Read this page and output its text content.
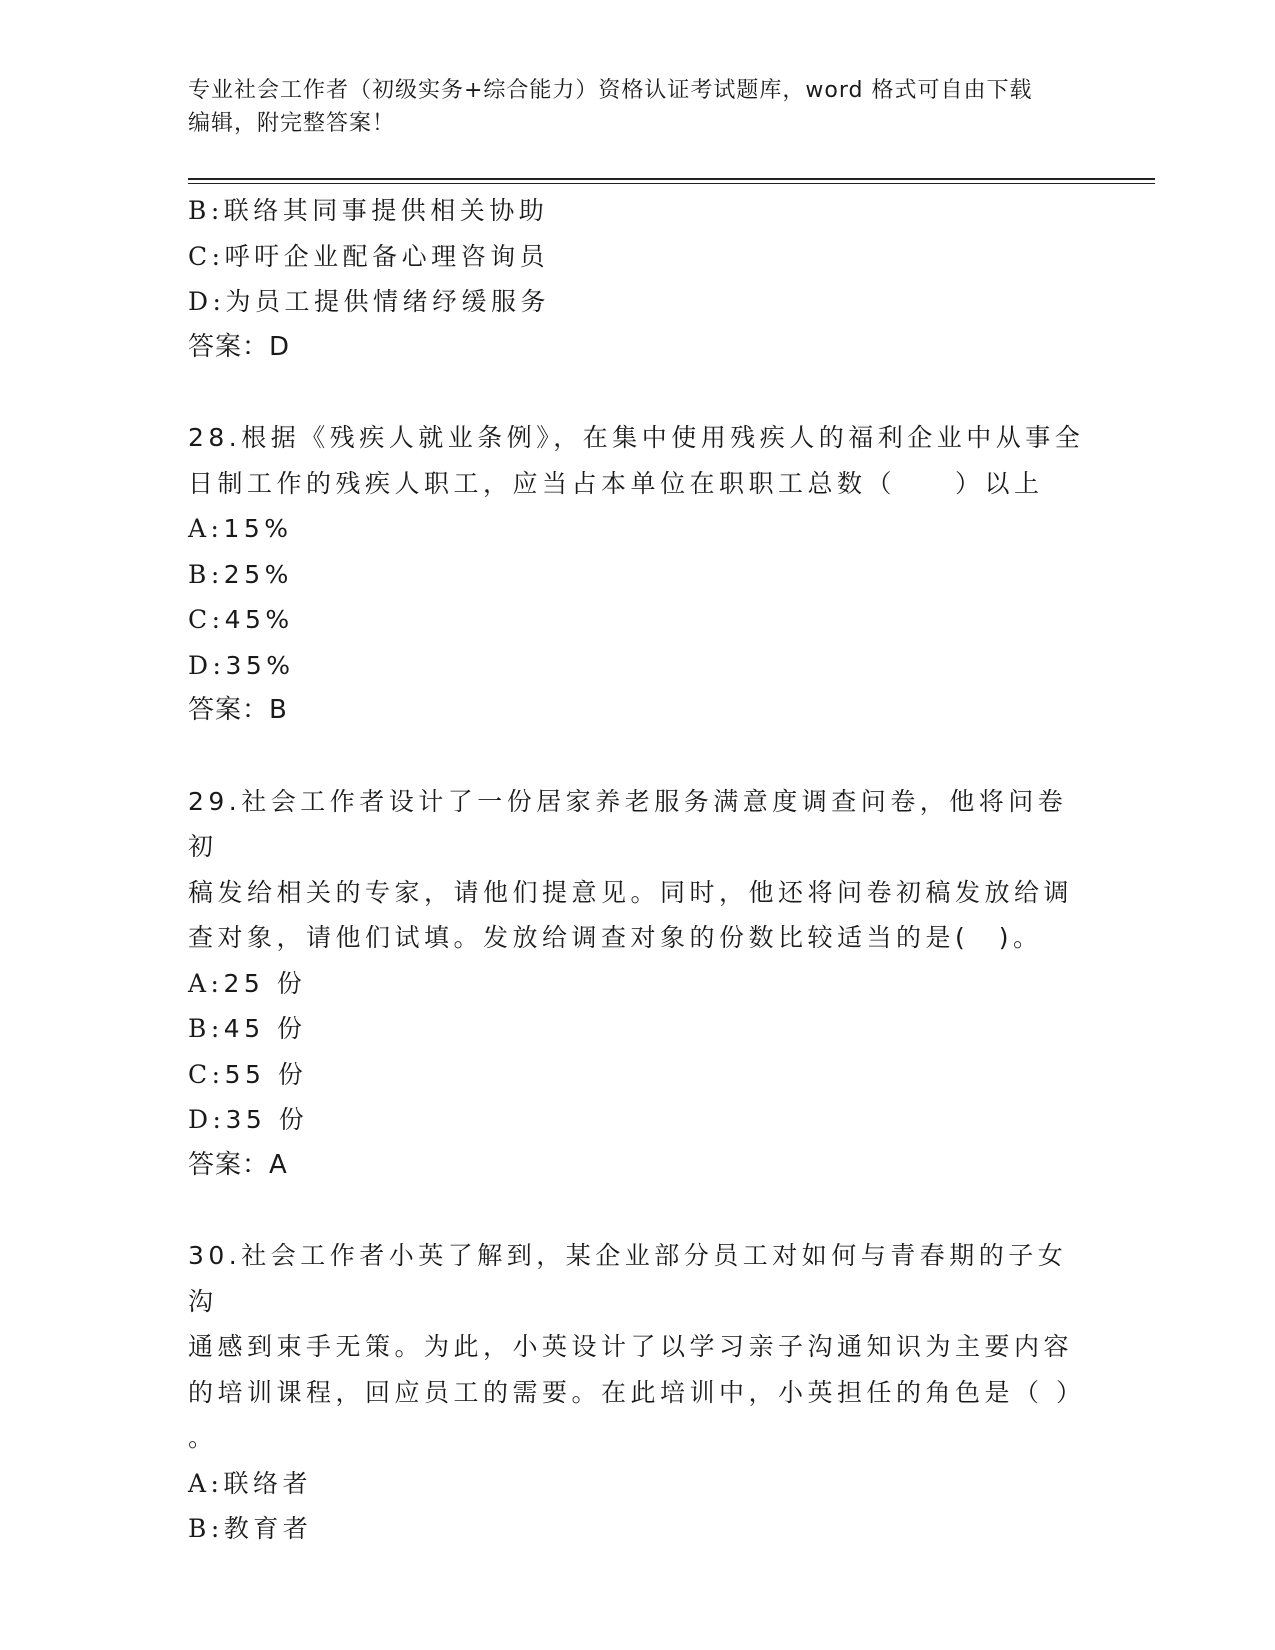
专业社会工作者（初级实务+综合能力）资格认证考试题库，word 格式可自由下载
编辑，附完整答案！
B:联络其同事提供相关协助
C:呼吁企业配备心理咨询员
D:为员工提供情绪纾缓服务
答案：D
28.根据《残疾人就业条例》，在集中使用残疾人的福利企业中从事全
日制工作的残疾人职工，应当占本单位在职职工总数（　　）以上
A:15%
B:25%
C:45%
D:35%
答案：B
29.社会工作者设计了一份居家养老服务满意度调查问卷，他将问卷初
稿发给相关的专家，请他们提意见。同时，他还将问卷初稿发放给调
查对象，请他们试填。发放给调查对象的份数比较适当的是(　)。
A:25 份
B:45 份
C:55 份
D:35 份
答案：A
30.社会工作者小英了解到，某企业部分员工对如何与青春期的子女沟
通感到束手无策。为此，小英设计了以学习亲子沟通知识为主要内容
的培训课程，回应员工的需要。在此培训中，小英担任的角色是（ ）
。
A:联络者
B:教育者
